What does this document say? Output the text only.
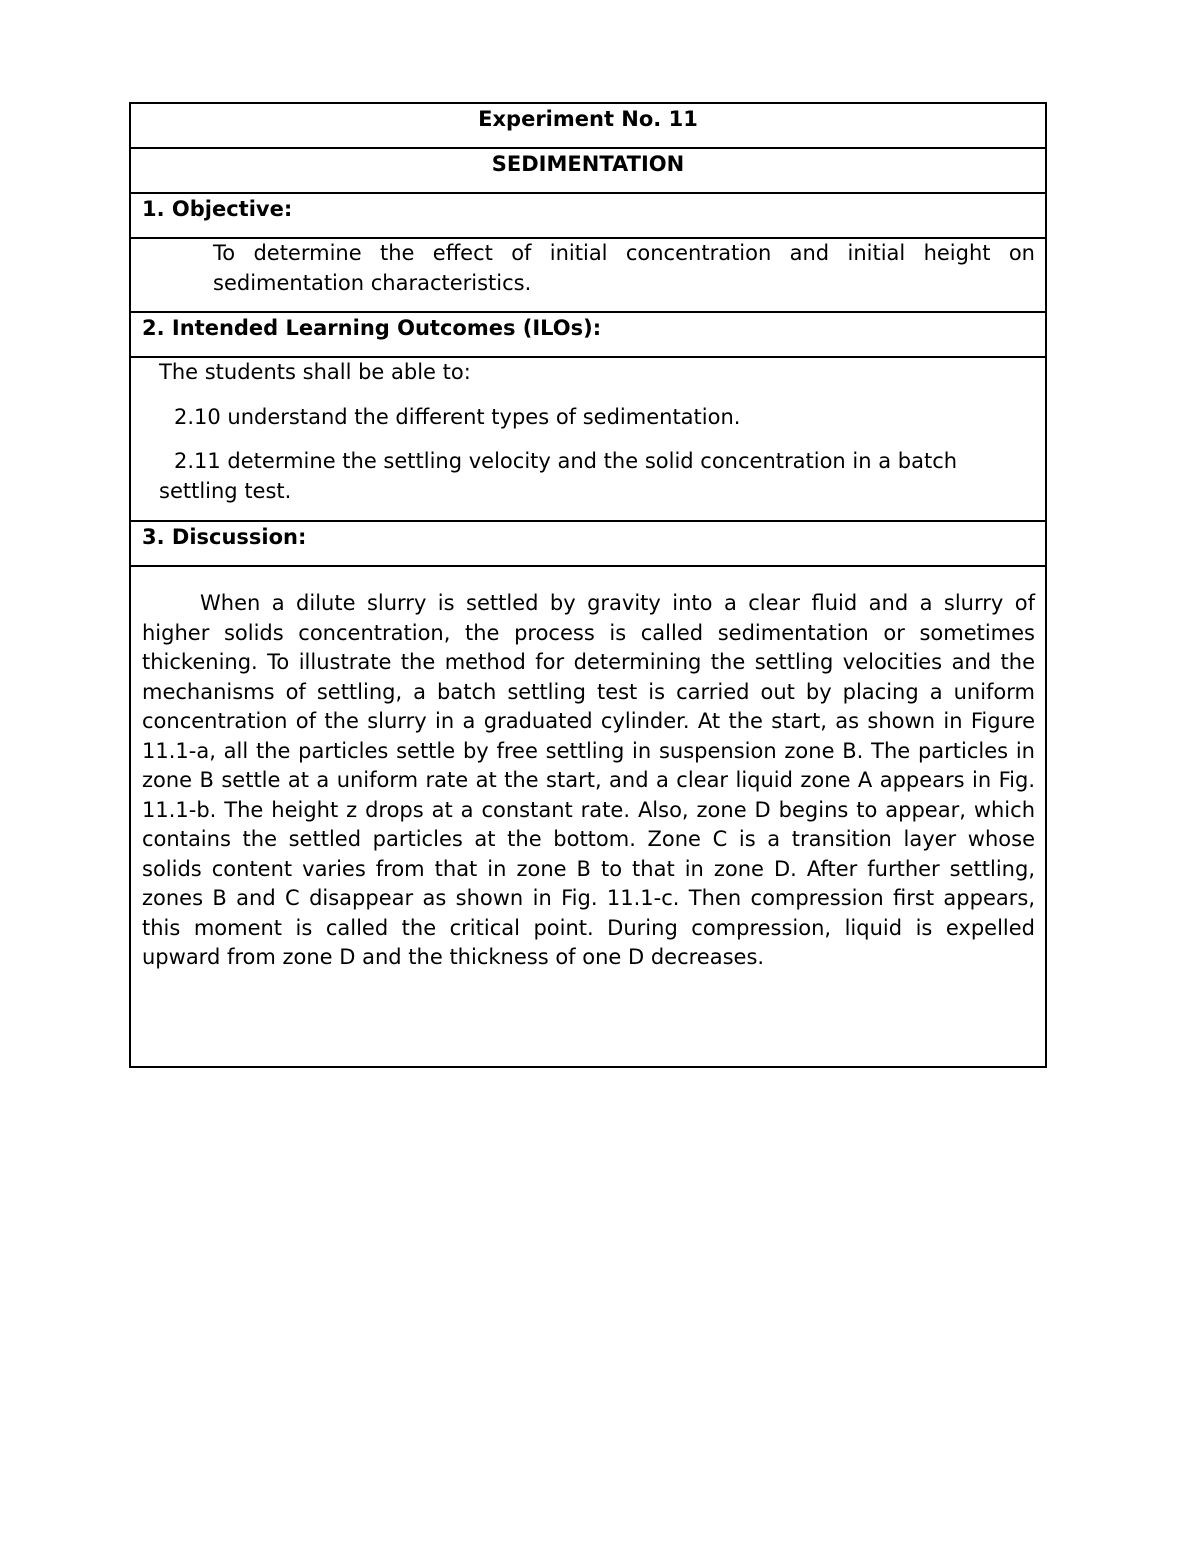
Experiment No. 11
SEDIMENTATION
1. Objective:
To determine the effect of initial concentration and initial height on sedimentation characteristics.
2. Intended Learning Outcomes (ILOs):

The students shall be able to:

2.10 understand the different types of sedimentation.

2.11 determine the settling velocity and the solid concentration in a batch settling test.

3. Discussion:

When a dilute slurry is settled by gravity into a clear fluid and a slurry of higher solids concentration, the process is called sedimentation or sometimes thickening. To illustrate the method for determining the settling velocities and the mechanisms of settling, a batch settling test is carried out by placing a uniform concentration of the slurry in a graduated cylinder. At the start, as shown in Figure 11.1-a, all the particles settle by free settling in suspension zone B. The particles in zone B settle at a uniform rate at the start, and a clear liquid zone A appears in Fig. 11.1-b. The height z drops at a constant rate. Also, zone D begins to appear, which contains the settled particles at the bottom. Zone C is a transition layer whose solids content varies from that in zone B to that in zone D. After further settling, zones B and C disappear as shown in Fig. 11.1-c. Then compression first appears, this moment is called the critical point. During compression, liquid is expelled upward from zone D and the thickness of one D decreases.
